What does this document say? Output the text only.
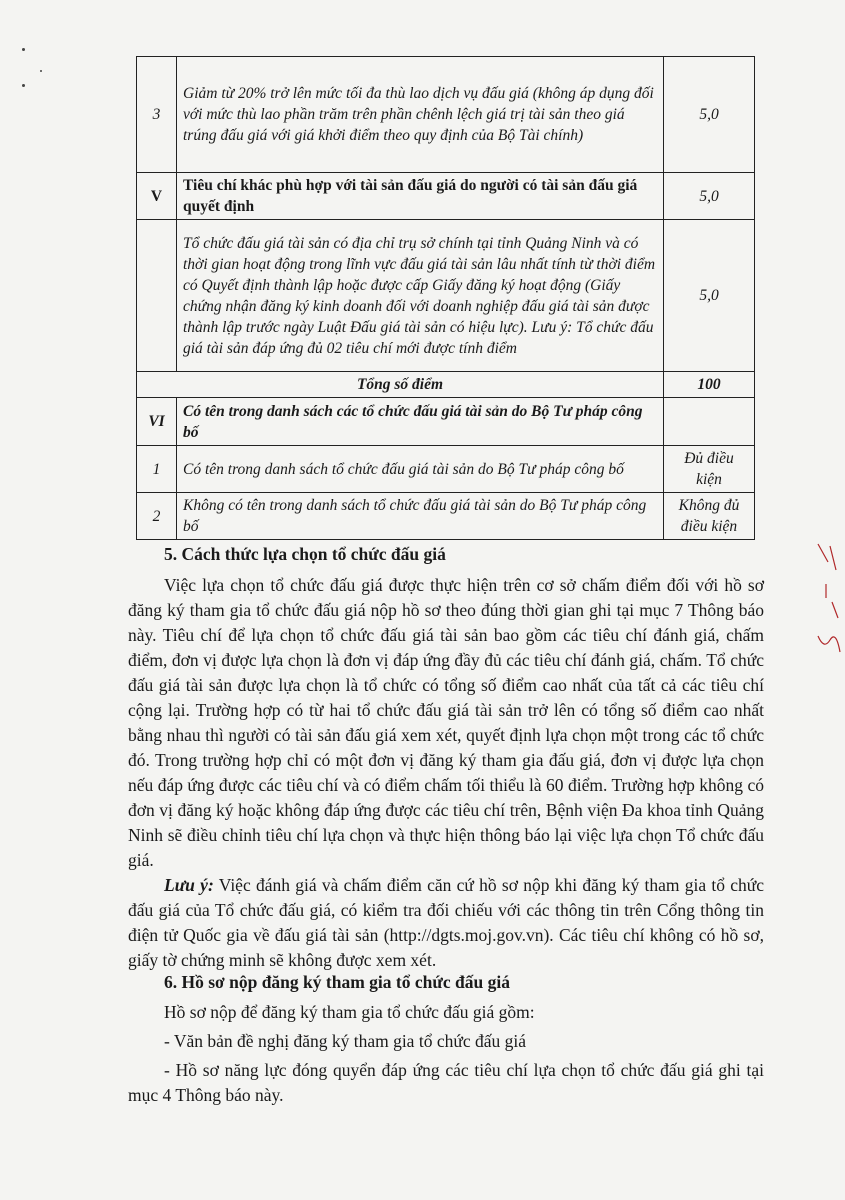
3	Giảm từ 20% trở lên mức tối đa thù lao dịch vụ đấu giá (không áp dụng đối với mức thù lao phần trăm trên phần chênh lệch giá trị tài sản theo giá trúng đấu giá với giá khởi điểm theo quy định của Bộ Tài chính)	5,0
V	Tiêu chí khác phù hợp với tài sản đấu giá do người có tài sản đấu giá quyết định	5,0
	Tổ chức đấu giá tài sản có địa chỉ trụ sở chính tại tỉnh Quảng Ninh và có thời gian hoạt động trong lĩnh vực đấu giá tài sản lâu nhất tính từ thời điểm có Quyết định thành lập hoặc được cấp Giấy đăng ký hoạt động (Giấy chứng nhận đăng ký kinh doanh đối với doanh nghiệp đấu giá tài sản được thành lập trước ngày Luật Đấu giá tài sản có hiệu lực). Lưu ý: Tổ chức đấu giá tài sản đáp ứng đủ 02 tiêu chí mới được tính điểm	5,0
Tổng số điểm		100
VI	Có tên trong danh sách các tổ chức đấu giá tài sản do Bộ Tư pháp công bố	
1	Có tên trong danh sách tổ chức đấu giá tài sản do Bộ Tư pháp công bố	Đủ điều kiện
2	Không có tên trong danh sách tổ chức đấu giá tài sản do Bộ Tư pháp công bố	Không đủ điều kiện
5. Cách thức lựa chọn tổ chức đấu giá

Việc lựa chọn tổ chức đấu giá được thực hiện trên cơ sở chấm điểm đối với hồ sơ đăng ký tham gia tổ chức đấu giá nộp hồ sơ theo đúng thời gian ghi tại mục 7 Thông báo này. Tiêu chí để lựa chọn tổ chức đấu giá tài sản bao gồm các tiêu chí đánh giá, chấm điểm, đơn vị được lựa chọn là đơn vị đáp ứng đầy đủ các tiêu chí đánh giá, chấm. Tổ chức đấu giá tài sản được lựa chọn là tổ chức có tổng số điểm cao nhất của tất cả các tiêu chí cộng lại. Trường hợp có từ hai tổ chức đấu giá tài sản trở lên có tổng số điểm cao nhất bằng nhau thì người có tài sản đấu giá xem xét, quyết định lựa chọn một trong các tổ chức đó. Trong trường hợp chỉ có một đơn vị đăng ký tham gia đấu giá, đơn vị được lựa chọn nếu đáp ứng được các tiêu chí và có điểm chấm tối thiểu là 60 điểm. Trường hợp không có đơn vị đăng ký hoặc không đáp ứng được các tiêu chí trên, Bệnh viện Đa khoa tỉnh Quảng Ninh sẽ điều chỉnh tiêu chí lựa chọn và thực hiện thông báo lại việc lựa chọn Tổ chức đấu giá.

Lưu ý: Việc đánh giá và chấm điểm căn cứ hồ sơ nộp khi đăng ký tham gia tổ chức đấu giá của Tổ chức đấu giá, có kiểm tra đối chiếu với các thông tin trên Cổng thông tin điện tử Quốc gia về đấu giá tài sản (http://dgts.moj.gov.vn). Các tiêu chí không có hồ sơ, giấy tờ chứng minh sẽ không được xem xét.

6. Hồ sơ nộp đăng ký tham gia tổ chức đấu giá

Hồ sơ nộp để đăng ký tham gia tổ chức đấu giá gồm:

- Văn bản đề nghị đăng ký tham gia tổ chức đấu giá

- Hồ sơ năng lực đóng quyển đáp ứng các tiêu chí lựa chọn tổ chức đấu giá ghi tại mục 4 Thông báo này.
